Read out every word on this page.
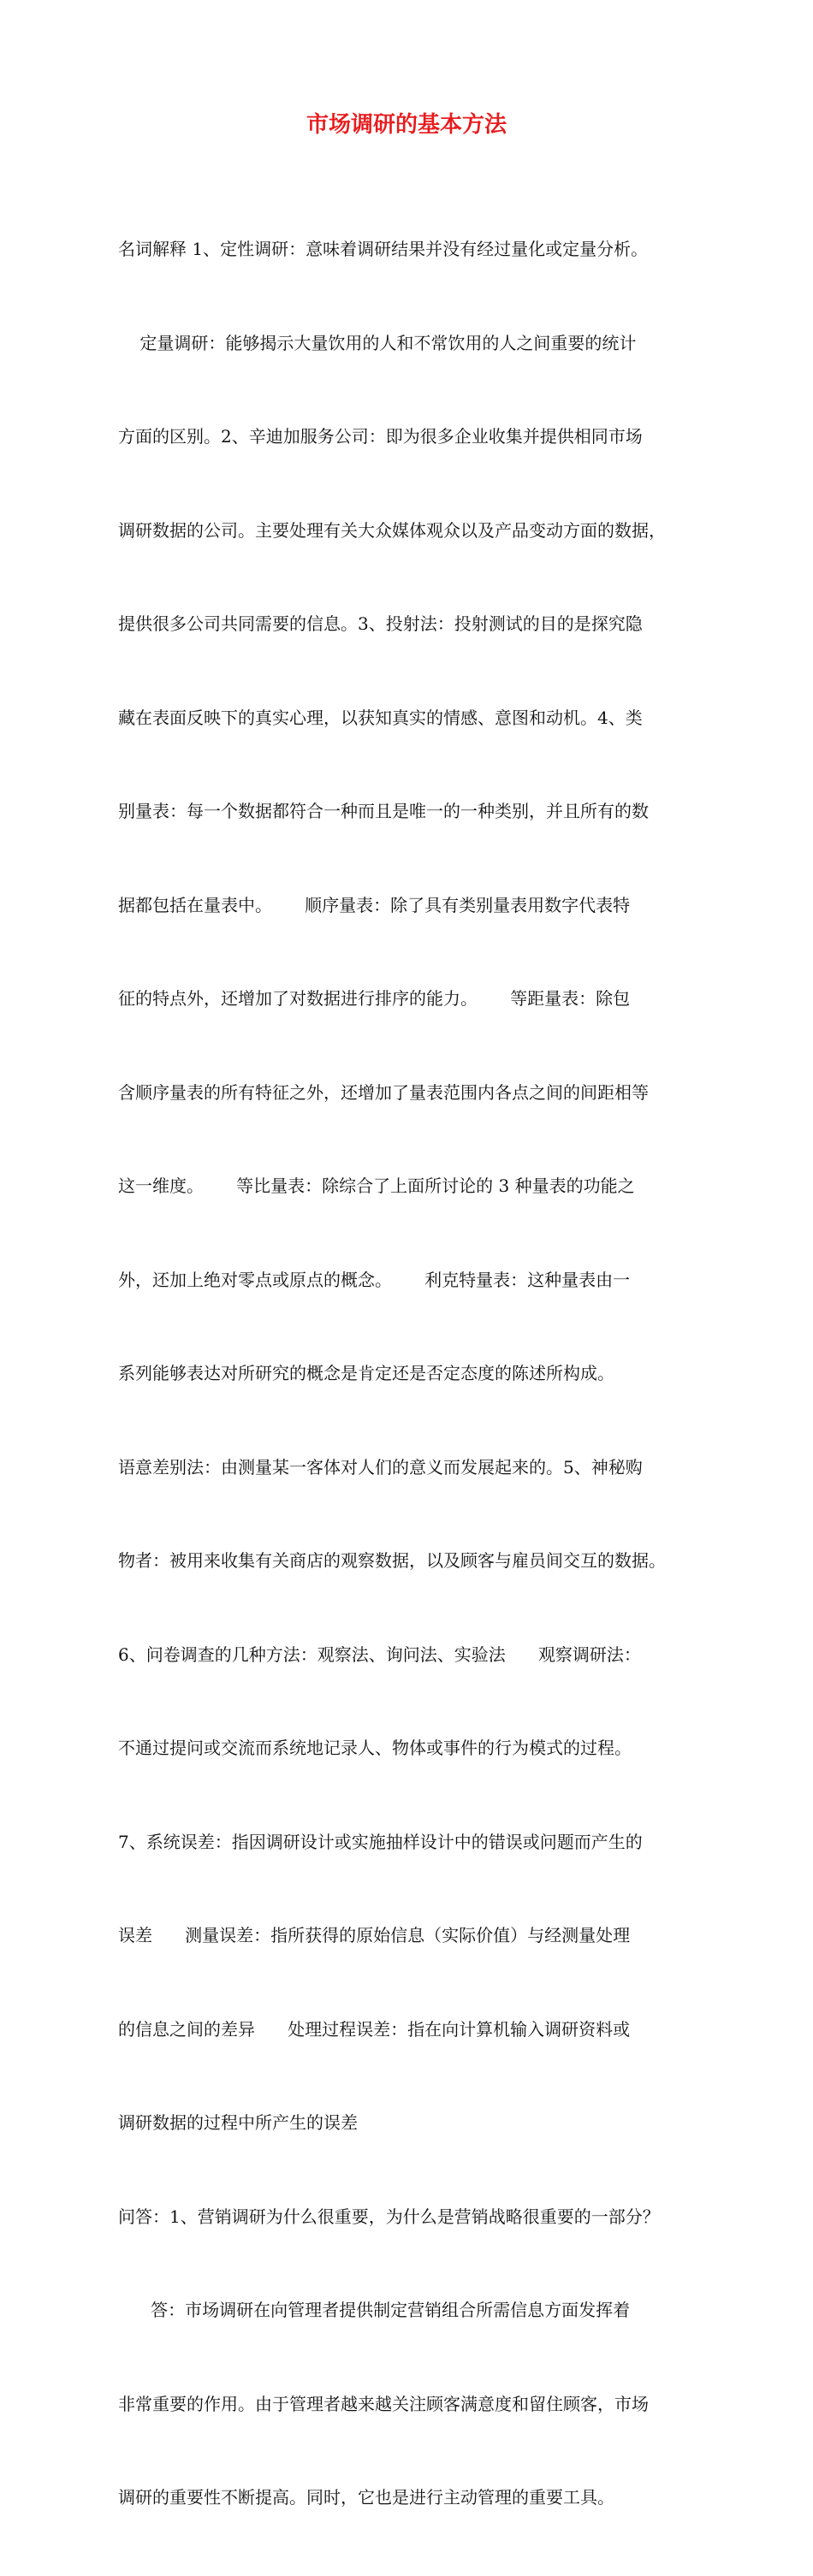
市场调研的基本方法

名词解释 1、定性调研：意味着调研结果并没有经过量化或定量分析。

定量调研：能够揭示大量饮用的人和不常饮用的人之间重要的统计

方面的区别。2、辛迪加服务公司：即为很多企业收集并提供相同市场

调研数据的公司。主要处理有关大众媒体观众以及产品变动方面的数据，

提供很多公司共同需要的信息。3、投射法：投射测试的目的是探究隐

藏在表面反映下的真实心理，以获知真实的情感、意图和动机。4、类

别量表：每一个数据都符合一种而且是唯一的一种类别，并且所有的数

据都包括在量表中。      顺序量表：除了具有类别量表用数字代表特

征的特点外，还增加了对数据进行排序的能力。      等距量表：除包

含顺序量表的所有特征之外，还增加了量表范围内各点之间的间距相等

这一维度。      等比量表：除综合了上面所讨论的 3 种量表的功能之

外，还加上绝对零点或原点的概念。      利克特量表：这种量表由一

系列能够表达对所研究的概念是肯定还是否定态度的陈述所构成。

语意差别法：由测量某一客体对人们的意义而发展起来的。5、神秘购

物者：被用来收集有关商店的观察数据，以及顾客与雇员间交互的数据。

6、问卷调查的几种方法：观察法、询问法、实验法      观察调研法：

不通过提问或交流而系统地记录人、物体或事件的行为模式的过程。

7、系统误差：指因调研设计或实施抽样设计中的错误或问题而产生的

误差      测量误差：指所获得的原始信息（实际价值）与经测量处理

的信息之间的差异      处理过程误差：指在向计算机输入调研资料或

调研数据的过程中所产生的误差

问答：1、营销调研为什么很重要，为什么是营销战略很重要的一部分？

答：市场调研在向管理者提供制定营销组合所需信息方面发挥着

非常重要的作用。由于管理者越来越关注顾客满意度和留住顾客，市场

调研的重要性不断提高。同时，它也是进行主动管理的重要工具。
